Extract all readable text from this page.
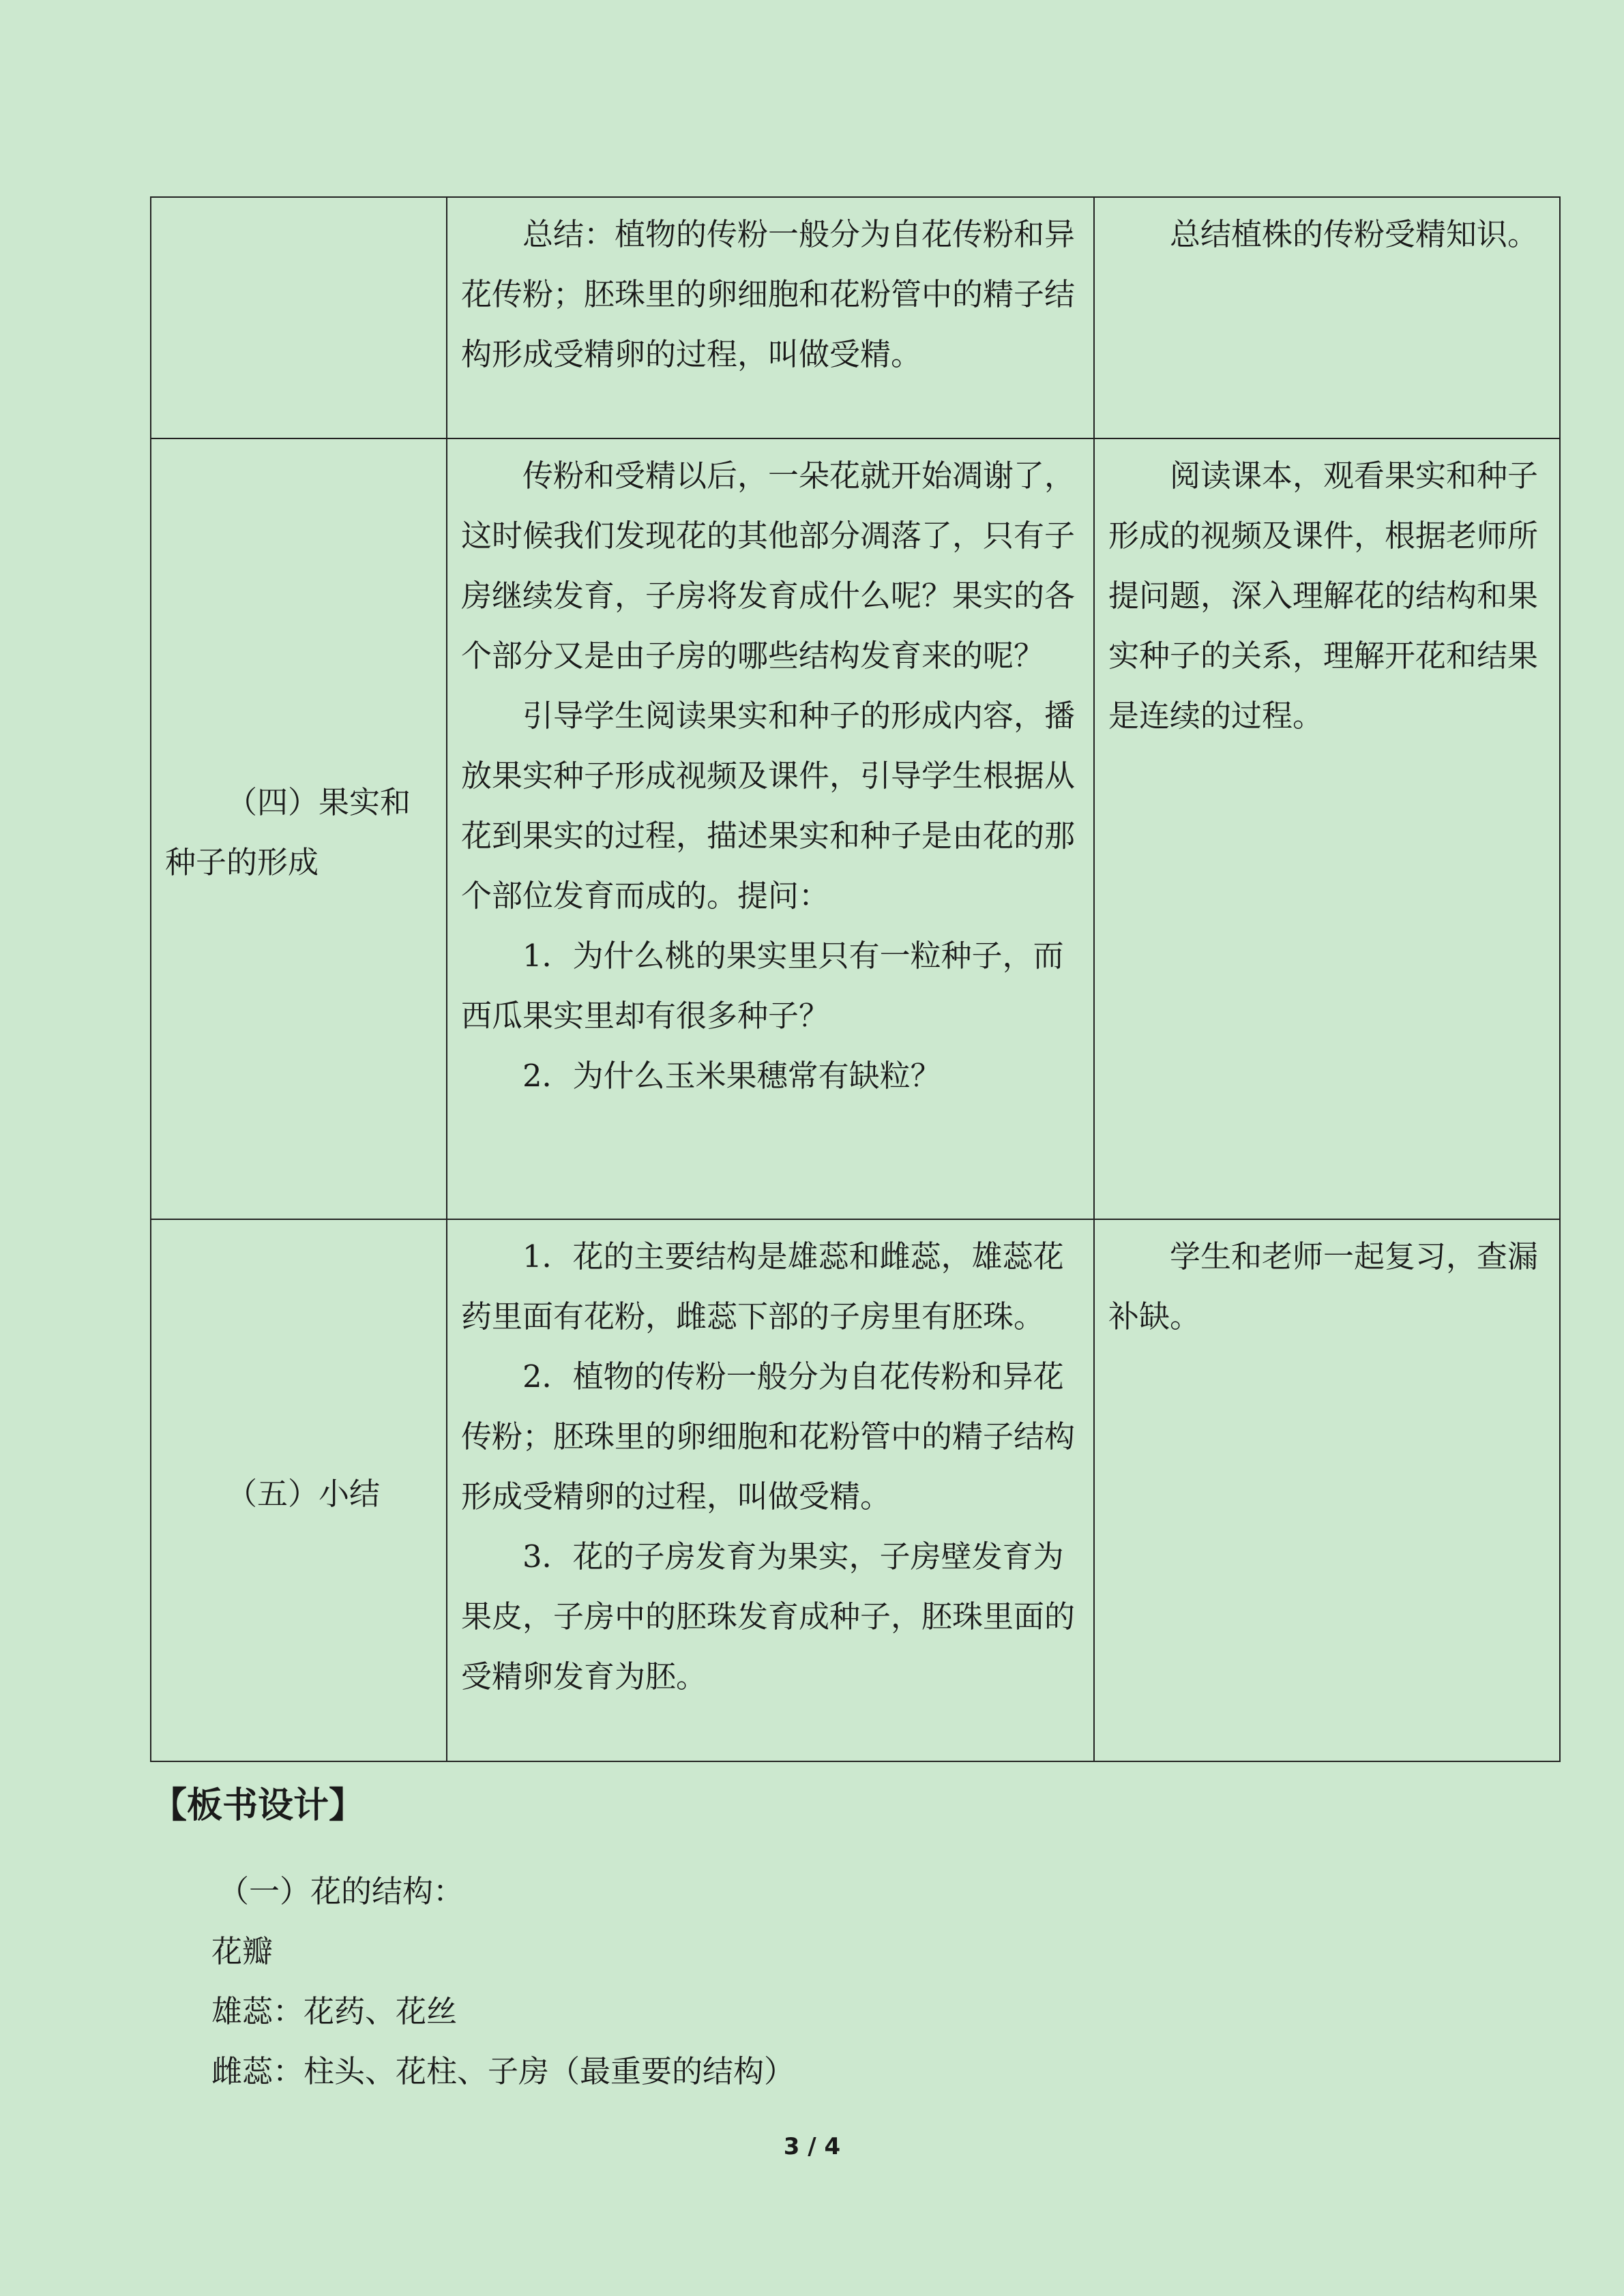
	总结：植物的传粉一般分为自花传粉和异花传粉；胚珠里的卵细胞和花粉管中的精子结构形成受精卵的过程，叫做受精。	总结植株的传粉受精知识。

（四）果实和种子的形成	传粉和受精以后，一朵花就开始凋谢了，这时候我们发现花的其他部分凋落了，只有子房继续发育，子房将发育成什么呢？果实的各个部分又是由子房的哪些结构发育来的呢？

引导学生阅读果实和种子的形成内容，播放果实种子形成视频及课件，引导学生根据从花到果实的过程，描述果实和种子是由花的那个部位发育而成的。提问：

1．为什么桃的果实里只有一粒种子，而西瓜果实里却有很多种子？

2．为什么玉米果穗常有缺粒？	阅读课本，观看果实和种子形成的视频及课件，根据老师所提问题，深入理解花的结构和果实种子的关系，理解开花和结果是连续的过程。

（五）小结	1．花的主要结构是雄蕊和雌蕊，雄蕊花药里面有花粉，雌蕊下部的子房里有胚珠。

2．植物的传粉一般分为自花传粉和异花传粉；胚珠里的卵细胞和花粉管中的精子结构形成受精卵的过程，叫做受精。

3．花的子房发育为果实，子房壁发育为果皮，子房中的胚珠发育成种子，胚珠里面的受精卵发育为胚。	学生和老师一起复习，查漏补缺。

【板书设计】
（一）花的结构：
花瓣
雄蕊：花药、花丝
雌蕊：柱头、花柱、子房（最重要的结构）
3 / 4
